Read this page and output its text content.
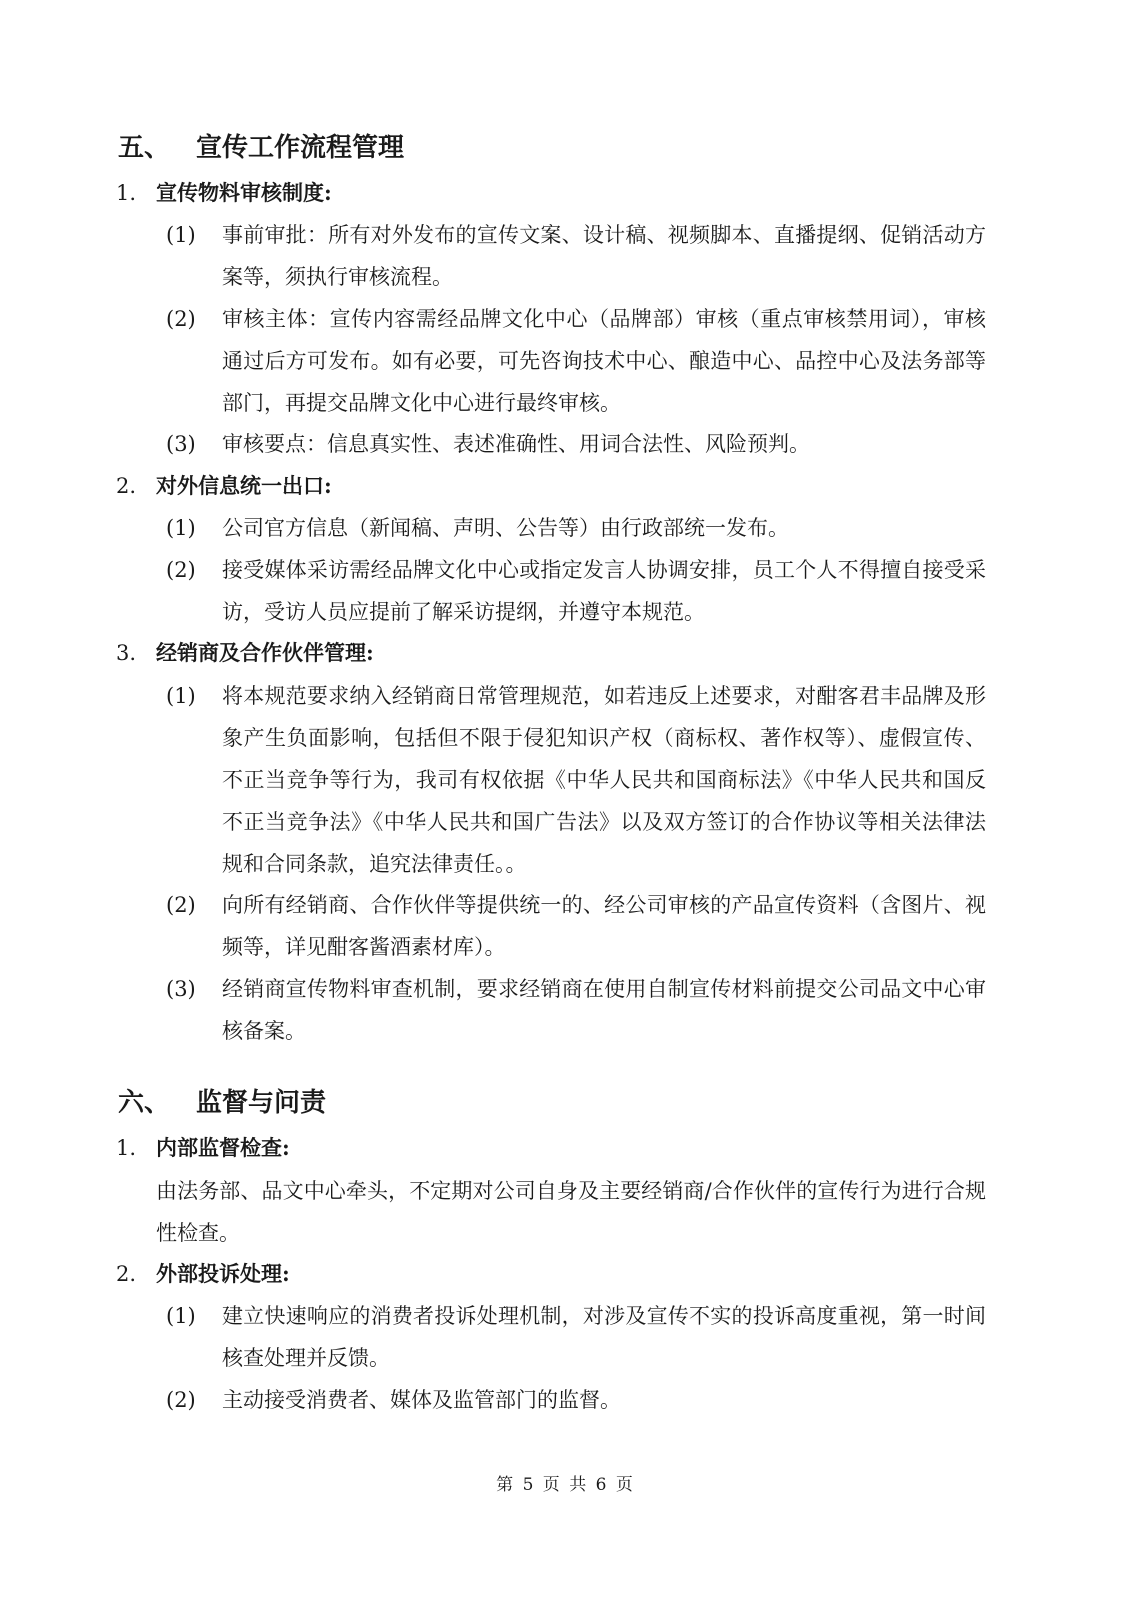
五、 宣传工作流程管理
1. 宣传物料审核制度:
(1)	事前审批：所有对外发布的宣传文案、设计稿、视频脚本、直播提纲、促销活动方案等，须执行审核流程。
(2)	审核主体：宣传内容需经品牌文化中心（品牌部）审核（重点审核禁用词），审核通过后方可发布。如有必要，可先咨询技术中心、酿造中心、品控中心及法务部等部门，再提交品牌文化中心进行最终审核。
(3)	审核要点：信息真实性、表述准确性、用词合法性、风险预判。
2. 对外信息统一出口:
(1)	公司官方信息（新闻稿、声明、公告等）由行政部统一发布。
(2)	接受媒体采访需经品牌文化中心或指定发言人协调安排，员工个人不得擅自接受采访，受访人员应提前了解采访提纲，并遵守本规范。
3. 经销商及合作伙伴管理:
(1)	将本规范要求纳入经销商日常管理规范，如若违反上述要求，对酣客君丰品牌及形象产生负面影响，包括但不限于侵犯知识产权（商标权、著作权等）、虚假宣传、不正当竞争等行为，我司有权依据《中华人民共和国商标法》《中华人民共和国反不正当竞争法》《中华人民共和国广告法》以及双方签订的合作协议等相关法律法规和合同条款，追究法律责任。。
(2)	向所有经销商、合作伙伴等提供统一的、经公司审核的产品宣传资料（含图片、视频等，详见酣客酱酒素材库）。
(3)	经销商宣传物料审查机制，要求经销商在使用自制宣传材料前提交公司品文中心审核备案。
六、 监督与问责
1. 内部监督检查:
由法务部、品文中心牵头，不定期对公司自身及主要经销商/合作伙伴的宣传行为进行合规性检查。
2. 外部投诉处理:
(1)	建立快速响应的消费者投诉处理机制，对涉及宣传不实的投诉高度重视，第一时间核查处理并反馈。
(2)	主动接受消费者、媒体及监管部门的监督。
第 5 页 共 6 页
